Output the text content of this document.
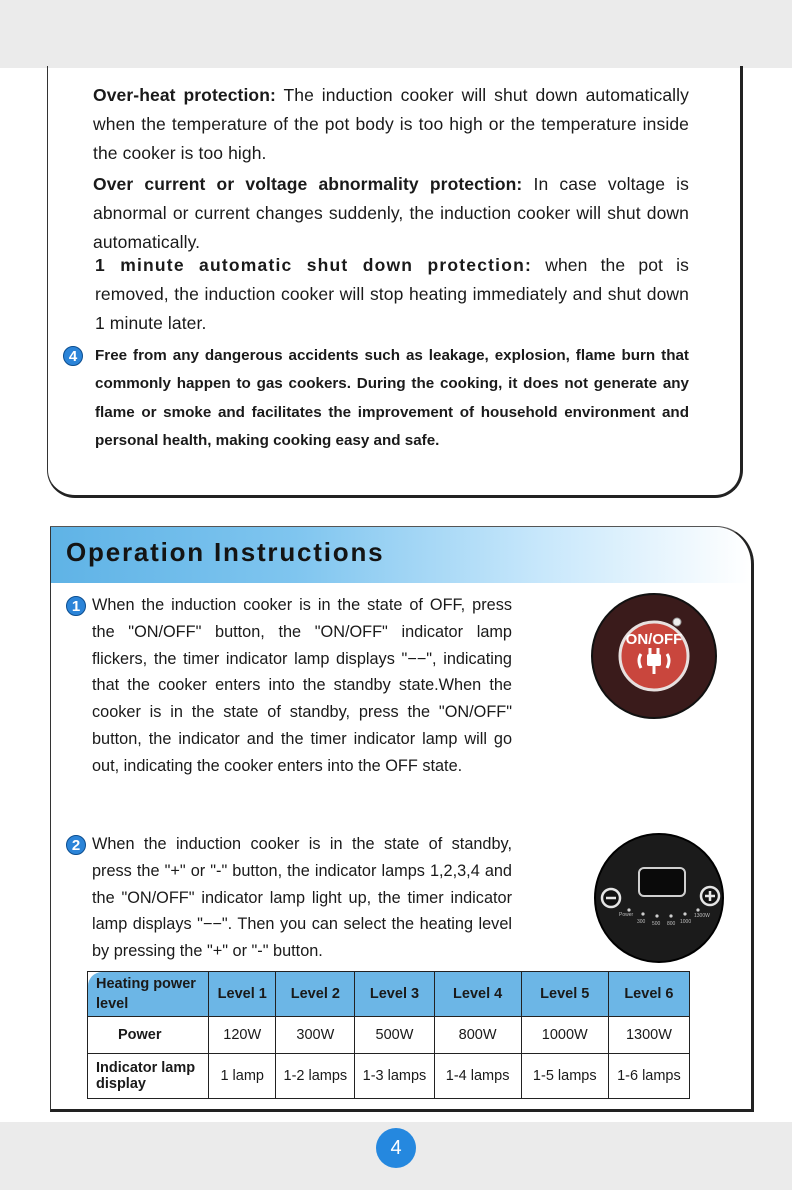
Over-heat protection: The induction cooker will shut down automatically when the temperature of the pot body is too high or the temperature inside the cooker is too high.
Over current or voltage abnormality protection: In case voltage is abnormal or current changes suddenly, the induction cooker will shut down automatically.
1 minute automatic shut down protection: when the pot is removed, the induction cooker will stop heating immediately and shut down 1 minute later.
4	Free from any dangerous accidents such as leakage, explosion, flame burn that commonly happen to gas cookers. During the cooking, it does not generate any flame or smoke and facilitates the improvement of household environment and personal health, making cooking easy and safe.
Operation Instructions
1 When the induction cooker is in the state of OFF, press the "ON/OFF" button, the "ON/OFF" indicator lamp flickers, the timer indicator lamp displays "−−", indicating that the cooker enters into the standby state.When the cooker is in the state of standby, press the "ON/OFF" button, the indicator and the timer indicator lamp will go out, indicating the cooker enters into the OFF state.
ON/OFF
2 When the induction cooker is in the state of standby, press the "+" or "-" button, the indicator lamps 1,2,3,4 and the "ON/OFF" indicator lamp light up, the timer indicator lamp displays "−−". Then you can select the heating level by pressing the "+" or "-" button.
Power
300 500 800 1000
1300W
Heating power level	Level 1	Level 2	Level 3	Level 4	Level 5	Level 6
Power	120W	300W	500W	800W	1000W	1300W
Indicator lamp display	1 lamp	1-2 lamps	1-3 lamps	1-4 lamps	1-5 lamps	1-6 lamps
4
